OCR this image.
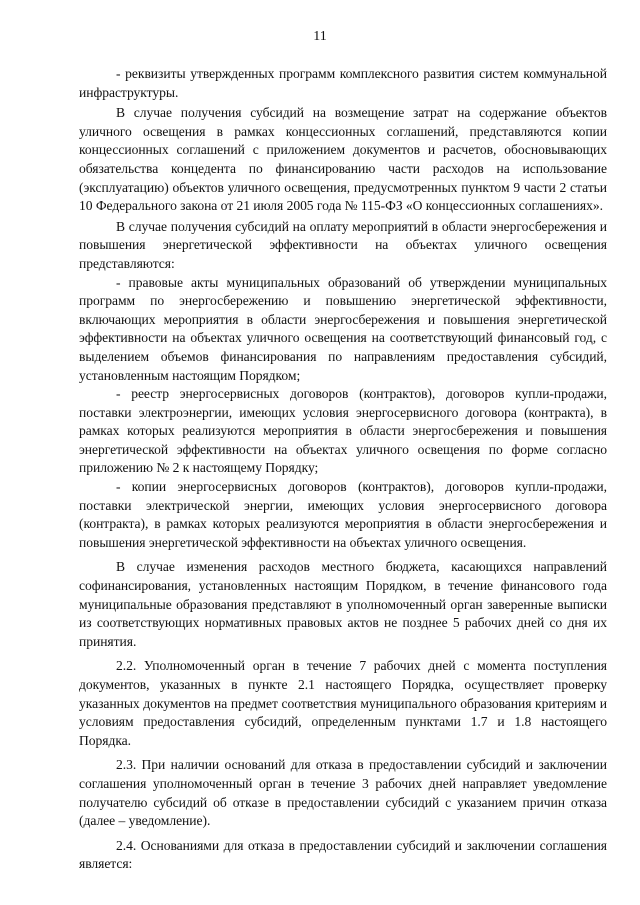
11

- реквизиты утвержденных программ комплексного развития систем коммунальной инфраструктуры.

В случае получения субсидий на возмещение затрат на содержание объектов уличного освещения в рамках концессионных соглашений, представляются копии концессионных соглашений с приложением документов и расчетов, обосновывающих обязательства концедента по финансированию части расходов на использование (эксплуатацию) объектов уличного освещения, предусмотренных пунктом 9 части 2 статьи 10 Федерального закона от 21 июля 2005 года № 115-ФЗ «О концессионных соглашениях».

В случае получения субсидий на оплату мероприятий в области энергосбережения и повышения энергетической эффективности на объектах уличного освещения представляются:

- правовые акты муниципальных образований об утверждении муниципальных программ по энергосбережению и повышению энергетической эффективности, включающих мероприятия в области энергосбережения и повышения энергетической эффективности на объектах уличного освещения на соответствующий финансовый год, с выделением объемов финансирования по направлениям предоставления субсидий, установленным настоящим Порядком;

- реестр энергосервисных договоров (контрактов), договоров купли-продажи, поставки электроэнергии, имеющих условия энергосервисного договора (контракта), в рамках которых реализуются мероприятия в области энергосбережения и повышения энергетической эффективности на объектах уличного освещения по форме согласно приложению № 2 к настоящему Порядку;

- копии энергосервисных договоров (контрактов), договоров купли-продажи, поставки электрической энергии, имеющих условия энергосервисного договора (контракта), в рамках которых реализуются мероприятия в области энергосбережения и повышения энергетической эффективности на объектах уличного освещения.

В случае изменения расходов местного бюджета, касающихся направлений софинансирования, установленных настоящим Порядком, в течение финансового года муниципальные образования представляют в уполномоченный орган заверенные выписки из соответствующих нормативных правовых актов не позднее 5 рабочих дней со дня их принятия.

2.2. Уполномоченный орган в течение 7 рабочих дней с момента поступления документов, указанных в пункте 2.1 настоящего Порядка, осуществляет проверку указанных документов на предмет соответствия муниципального образования критериям и условиям предоставления субсидий, определенным пунктами 1.7 и 1.8 настоящего Порядка.

2.3. При наличии оснований для отказа в предоставлении субсидий и заключении соглашения уполномоченный орган в течение 3 рабочих дней направляет уведомление получателю субсидий об отказе в предоставлении субсидий с указанием причин отказа (далее – уведомление).

2.4. Основаниями для отказа в предоставлении субсидий и заключении соглашения является:
